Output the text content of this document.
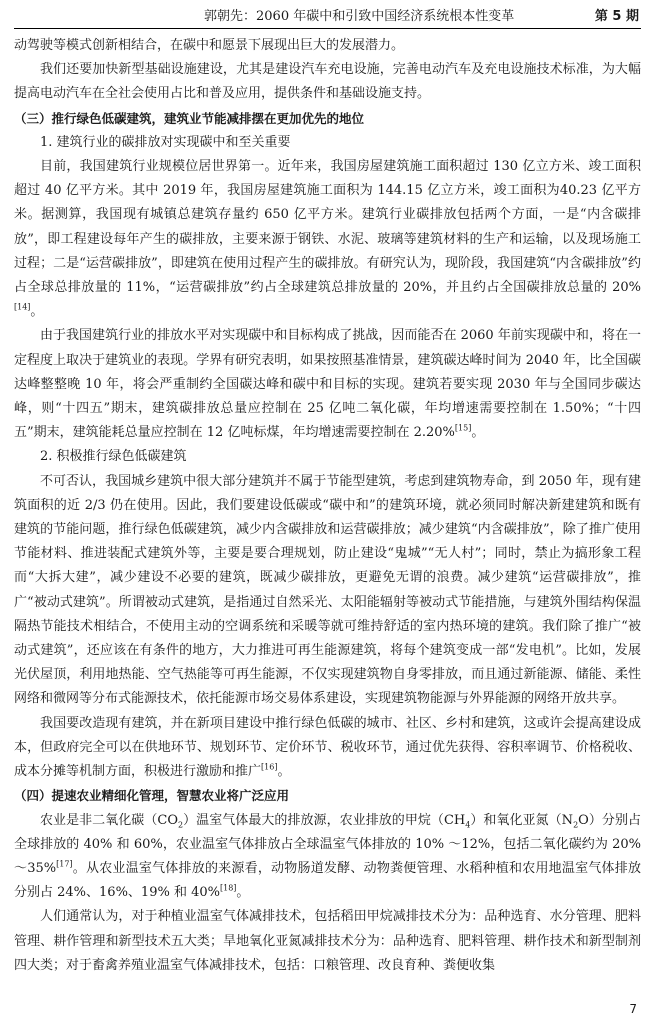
郭朝先：2060 年碳中和引致中国经济系统根本性变革	第 5 期

动驾驶等模式创新相结合，在碳中和愿景下展现出巨大的发展潜力。

我们还要加快新型基础设施建设，尤其是建设汽车充电设施，完善电动汽车及充电设施技术标准，为大幅提高电动汽车在全社会使用占比和普及应用，提供条件和基础设施支持。

（三）推行绿色低碳建筑，建筑业节能减排摆在更加优先的地位

1. 建筑行业的碳排放对实现碳中和至关重要

目前，我国建筑行业规模位居世界第一。近年来，我国房屋建筑施工面积超过 130 亿立方米、竣工面积超过 40 亿平方米。其中 2019 年，我国房屋建筑施工面积为 144.15 亿立方米，竣工面积为40.23 亿平方米。据测算，我国现有城镇总建筑存量约 650 亿平方米。建筑行业碳排放包括两个方面，一是“内含碳排放”，即工程建设每年产生的碳排放，主要来源于钢铁、水泥、玻璃等建筑材料的生产和运输，以及现场施工过程；二是“运营碳排放”，即建筑在使用过程产生的碳排放。有研究认为，现阶段，我国建筑“内含碳排放”约占全球总排放量的 11%，“运营碳排放”约占全球建筑总排放量的 20%，并且约占全国碳排放总量的 20%[14]。

由于我国建筑行业的排放水平对实现碳中和目标构成了挑战，因而能否在 2060 年前实现碳中和，将在一定程度上取决于建筑业的表现。学界有研究表明，如果按照基准情景，建筑碳达峰时间为 2040 年，比全国碳达峰整整晚 10 年，将会严重制约全国碳达峰和碳中和目标的实现。建筑若要实现 2030 年与全国同步碳达峰，则“十四五”期末，建筑碳排放总量应控制在 25 亿吨二氧化碳，年均增速需要控制在 1.50%；“十四五”期末，建筑能耗总量应控制在 12 亿吨标煤，年均增速需要控制在 2.20%[15]。

2. 积极推行绿色低碳建筑

不可否认，我国城乡建筑中很大部分建筑并不属于节能型建筑，考虑到建筑物寿命，到 2050 年，现有建筑面积的近 2/3 仍在使用。因此，我们要建设低碳或“碳中和”的建筑环境，就必须同时解决新建建筑和既有建筑的节能问题，推行绿色低碳建筑，减少内含碳排放和运营碳排放；减少建筑“内含碳排放”，除了推广使用节能材料、推进装配式建筑外等，主要是要合理规划，防止建设“鬼城”“无人村”；同时，禁止为搞形象工程而“大拆大建”，减少建设不必要的建筑，既减少碳排放，更避免无谓的浪费。减少建筑“运营碳排放”，推广“被动式建筑”。所谓被动式建筑，是指通过自然采光、太阳能辐射等被动式节能措施，与建筑外围结构保温隔热节能技术相结合，不使用主动的空调系统和采暖等就可维持舒适的室内热环境的建筑。我们除了推广“被动式建筑”，还应该在有条件的地方，大力推进可再生能源建筑，将每个建筑变成一部“发电机”。比如，发展光伏屋顶，利用地热能、空气热能等可再生能源，不仅实现建筑物自身零排放，而且通过新能源、储能、柔性网络和微网等分布式能源技术，依托能源市场交易体系建设，实现建筑物能源与外界能源的网络开放共享。

我国要改造现有建筑，并在新项目建设中推行绿色低碳的城市、社区、乡村和建筑，这或许会提高建设成本，但政府完全可以在供地环节、规划环节、定价环节、税收环节，通过优先获得、容积率调节、价格税收、成本分摊等机制方面，积极进行激励和推广[16]。

（四）提速农业精细化管理，智慧农业将广泛应用

农业是非二氧化碳$(CO_2)$温室气体最大的排放源，农业排放的甲烷$(CH_4)$和氧化亚氮$(N_2O)$分别占全球排放的 40% 和 60%，农业温室气体排放占全球温室气体排放的 10% ～12%，包括二氧化碳约为 20% ～35%[17]。从农业温室气体排放的来源看，动物肠道发酵、动物粪便管理、水稻种植和农用地温室气体排放分别占 24%、16%、19% 和 40%[18]。

人们通常认为，对于种植业温室气体减排技术，包括稻田甲烷减排技术分为：品种选育、水分管理、肥料管理、耕作管理和新型技术五大类；旱地氧化亚氮减排技术分为：品种选育、肥料管理、耕作技术和新型制剂四大类；对于畜禽养殖业温室气体减排技术，包括：口粮管理、改良育种、粪便收集

7
